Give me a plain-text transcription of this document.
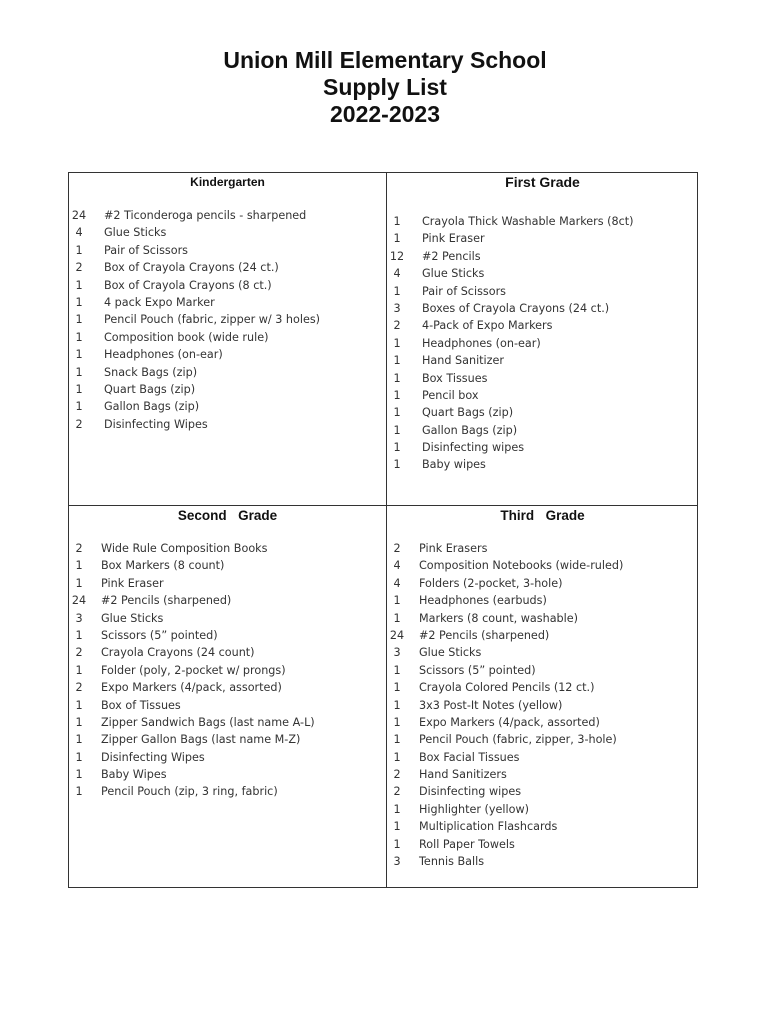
Union Mill Elementary School

Supply List

2022-2023

Kindergarten
24 #2 Ticonderoga pencils - sharpened
4	Glue Sticks
1	Pair of Scissors
2	Box of Crayola Crayons (24 ct.)
1	Box of Crayola Crayons (8 ct.)
1	4 pack Expo Marker
1	Pencil Pouch (fabric, zipper w/ 3 holes)
1	Composition book (wide rule)
1	Headphones (on-ear)
1	Snack Bags (zip)
1	Quart Bags (zip)
1	Gallon Bags (zip)
2	Disinfecting Wipes
First Grade
1	Crayola Thick Washable Markers (8ct)
1	Pink Eraser
12 #2 Pencils
4	Glue Sticks
1	Pair of Scissors
3	Boxes of Crayola Crayons (24 ct.)
2	4-Pack of Expo Markers
1	Headphones (on-ear)
1	Hand Sanitizer
1	Box Tissues
1	Pencil box
1	Quart Bags (zip)
1	Gallon Bags (zip)
1	Disinfecting wipes
1	Baby wipes
Second  Grade
2	Wide Rule Composition Books
1	Box Markers (8 count)
1	Pink Eraser
24 #2 Pencils (sharpened)
3	Glue Sticks
1	Scissors (5” pointed)
2	Crayola Crayons (24 count)
1	Folder (poly, 2-pocket w/ prongs)
2	Expo Markers (4/pack, assorted)
1	Box of Tissues
1	Zipper Sandwich Bags (last name A-L)
1	Zipper Gallon Bags (last name M-Z)
1	Disinfecting Wipes
1	Baby Wipes
1	Pencil Pouch (zip, 3 ring, fabric)
Third  Grade
2	Pink Erasers
4	Composition Notebooks (wide-ruled)
4	Folders (2-pocket, 3-hole)
1	Headphones (earbuds)
1	Markers (8 count, washable)
24 #2 Pencils (sharpened)
3	Glue Sticks
1	Scissors (5” pointed)
1	Crayola Colored Pencils (12 ct.)
1	3x3 Post-It Notes (yellow)
1	Expo Markers (4/pack, assorted)
1	Pencil Pouch (fabric, zipper, 3-hole)
1	Box Facial Tissues
2	Hand Sanitizers
2	Disinfecting wipes
1	Highlighter (yellow)
1	Multiplication Flashcards
1	Roll Paper Towels
3	Tennis Balls
